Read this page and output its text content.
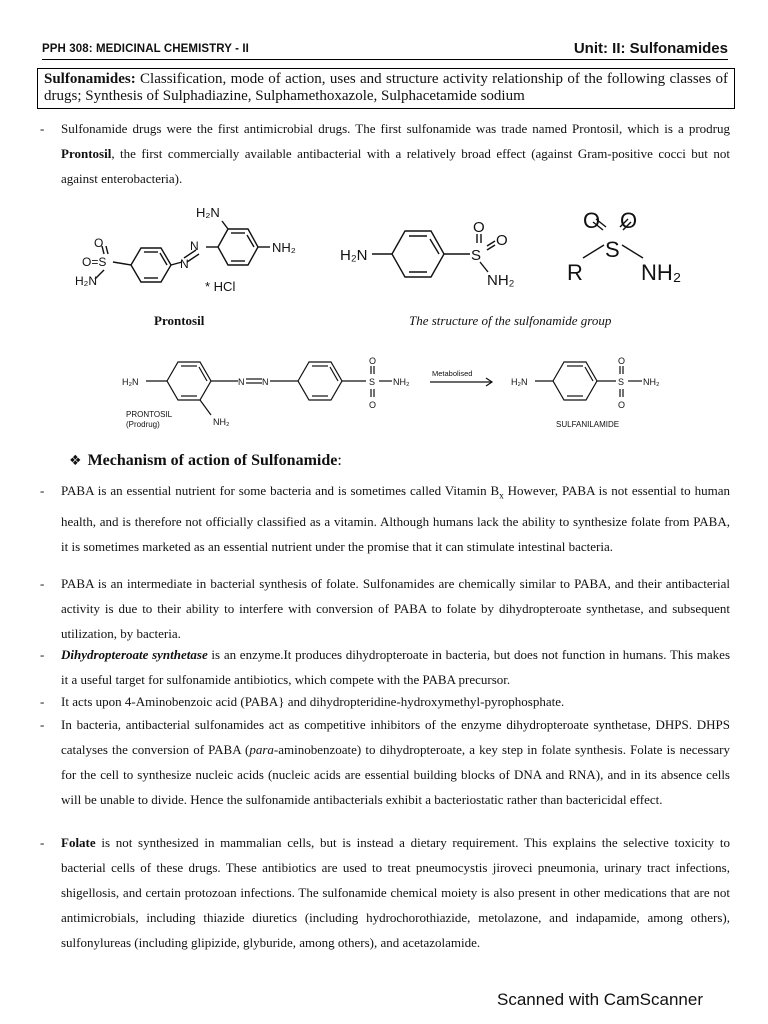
PPH 308: MEDICINAL CHEMISTRY - II	Unit: II: Sulfonamides
Sulfonamides: Classification, mode of action, uses and structure activity relationship of the following classes of drugs; Synthesis of Sulphadiazine, Sulphamethoxazole, Sulphacetamide sodium
- Sulfonamide drugs were the first antimicrobial drugs. The first sulfonamide was trade named Prontosil, which is a prodrug Prontosil, the first commercially available antibacterial with a relatively broad effect (against Gram-positive cocci but not against enterobacteria).
H₂N
O
O=S
H₂N
N
N
NH₂
* HCl
H₂N
O
S
O
NH₂
O O
S
R	NH₂
H₂N	N N
O
S
O
NH₂
NH₂
PRONTOSIL
(Prodrug)
Metabolised
H₂N
O
S
O
NH₂
SULFANILAMIDE
Prontosil	The structure of the sulfonamide group
❖ Mechanism of action of Sulfonamide:
- PABA is an essential nutrient for some bacteria and is sometimes called Vitamin $B_x$ However, PABA is not essential to human health, and is therefore not officially classified as a vitamin. Although humans lack the ability to synthesize folate from PABA, it is sometimes marketed as an essential nutrient under the promise that it can stimulate intestinal bacteria.
- PABA is an intermediate in bacterial synthesis of folate. Sulfonamides are chemically similar to PABA, and their antibacterial activity is due to their ability to interfere with conversion of PABA to folate by dihydropteroate synthetase, and subsequent utilization, by bacteria.
- Dihydropteroate synthetase is an enzyme.It produces dihydropteroate in bacteria, but does not function in humans. This makes it a useful target for sulfonamide antibiotics, which compete with the PABA precursor.
- It acts upon 4-Aminobenzoic acid (PABA} and dihydropteridine-hydroxymethyl-pyrophosphate.
- In bacteria, antibacterial sulfonamides act as competitive inhibitors of the enzyme dihydropteroate synthetase, DHPS. DHPS catalyses the conversion of PABA (para-aminobenzoate) to dihydropteroate, a key step in folate synthesis. Folate is necessary for the cell to synthesize nucleic acids (nucleic acids are essential building blocks of DNA and RNA), and in its absence cells will be unable to divide. Hence the sulfonamide antibacterials exhibit a bacteriostatic rather than bactericidal effect.
- Folate is not synthesized in mammalian cells, but is instead a dietary requirement. This explains the selective toxicity to bacterial cells of these drugs. These antibiotics are used to treat pneumocystis jiroveci pneumonia, urinary tract infections, shigellosis, and certain protozoan infections. The sulfonamide chemical moiety is also present in other medications that are not antimicrobials, including thiazide diuretics (including hydrochorothiazide, metolazone, and indapamide, among others), sulfonylureas (including glipizide, glyburide, among others), and acetazolamide.
Scanned with CamScanner
